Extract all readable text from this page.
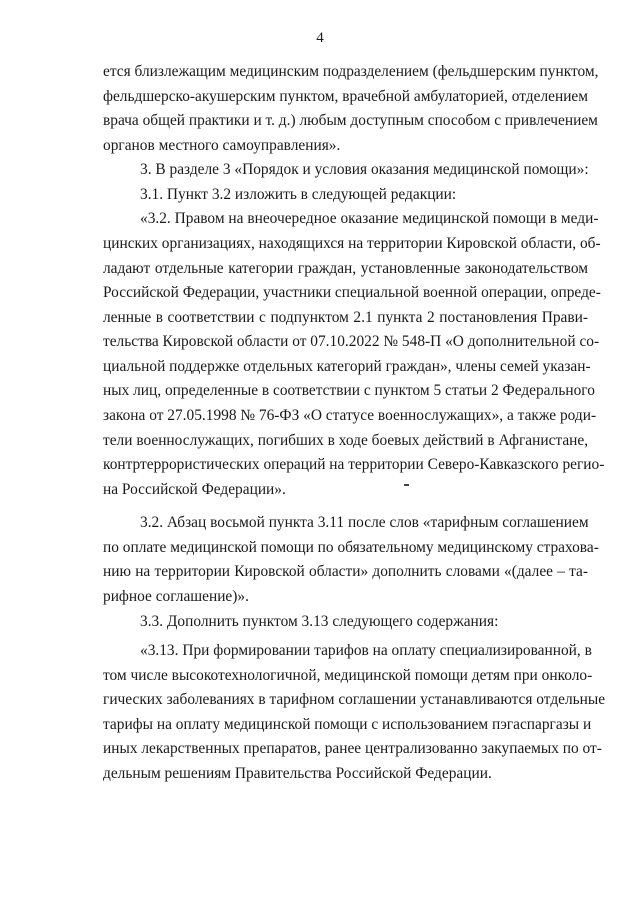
4
ется близлежащим медицинским подразделением (фельдшерским пунктом,
фельдшерско-акушерским пунктом, врачебной амбулаторией, отделением
врача общей практики и т. д.) любым доступным способом с привлечением
органов местного самоуправления».
3. В разделе 3 «Порядок и условия оказания медицинской помощи»:
3.1. Пункт 3.2 изложить в следующей редакции:
«3.2. Правом на внеочередное оказание медицинской помощи в меди-
цинских организациях, находящихся на территории Кировской области, об-
ладают отдельные категории граждан, установленные законодательством
Российской Федерации, участники специальной военной операции, опреде-
ленные в соответствии с подпунктом 2.1 пункта 2 постановления Прави-
тельства Кировской области от 07.10.2022 № 548-П «О дополнительной со-
циальной поддержке отдельных категорий граждан», члены семей указан-
ных лиц, определенные в соответствии с пунктом 5 статьи 2 Федерального
закона от 27.05.1998 № 76-ФЗ «О статусе военнослужащих», а также роди-
тели военнослужащих, погибших в ходе боевых действий в Афганистане,
контртеррористических операций на территории Северо-Кавказского регио-
на Российской Федерации».
3.2. Абзац восьмой пункта 3.11 после слов «тарифным соглашением
по оплате медицинской помощи по обязательному медицинскому страхова-
нию на территории Кировской области» дополнить словами «(далее – та-
рифное соглашение)».
3.3. Дополнить пунктом 3.13 следующего содержания:
«3.13. При формировании тарифов на оплату специализированной, в
том числе высокотехнологичной, медицинской помощи детям при онколо-
гических заболеваниях в тарифном соглашении устанавливаются отдельные
тарифы на оплату медицинской помощи с использованием пэгаспаргазы и
иных лекарственных препаратов, ранее централизованно закупаемых по от-
дельным решениям Правительства Российской Федерации.
